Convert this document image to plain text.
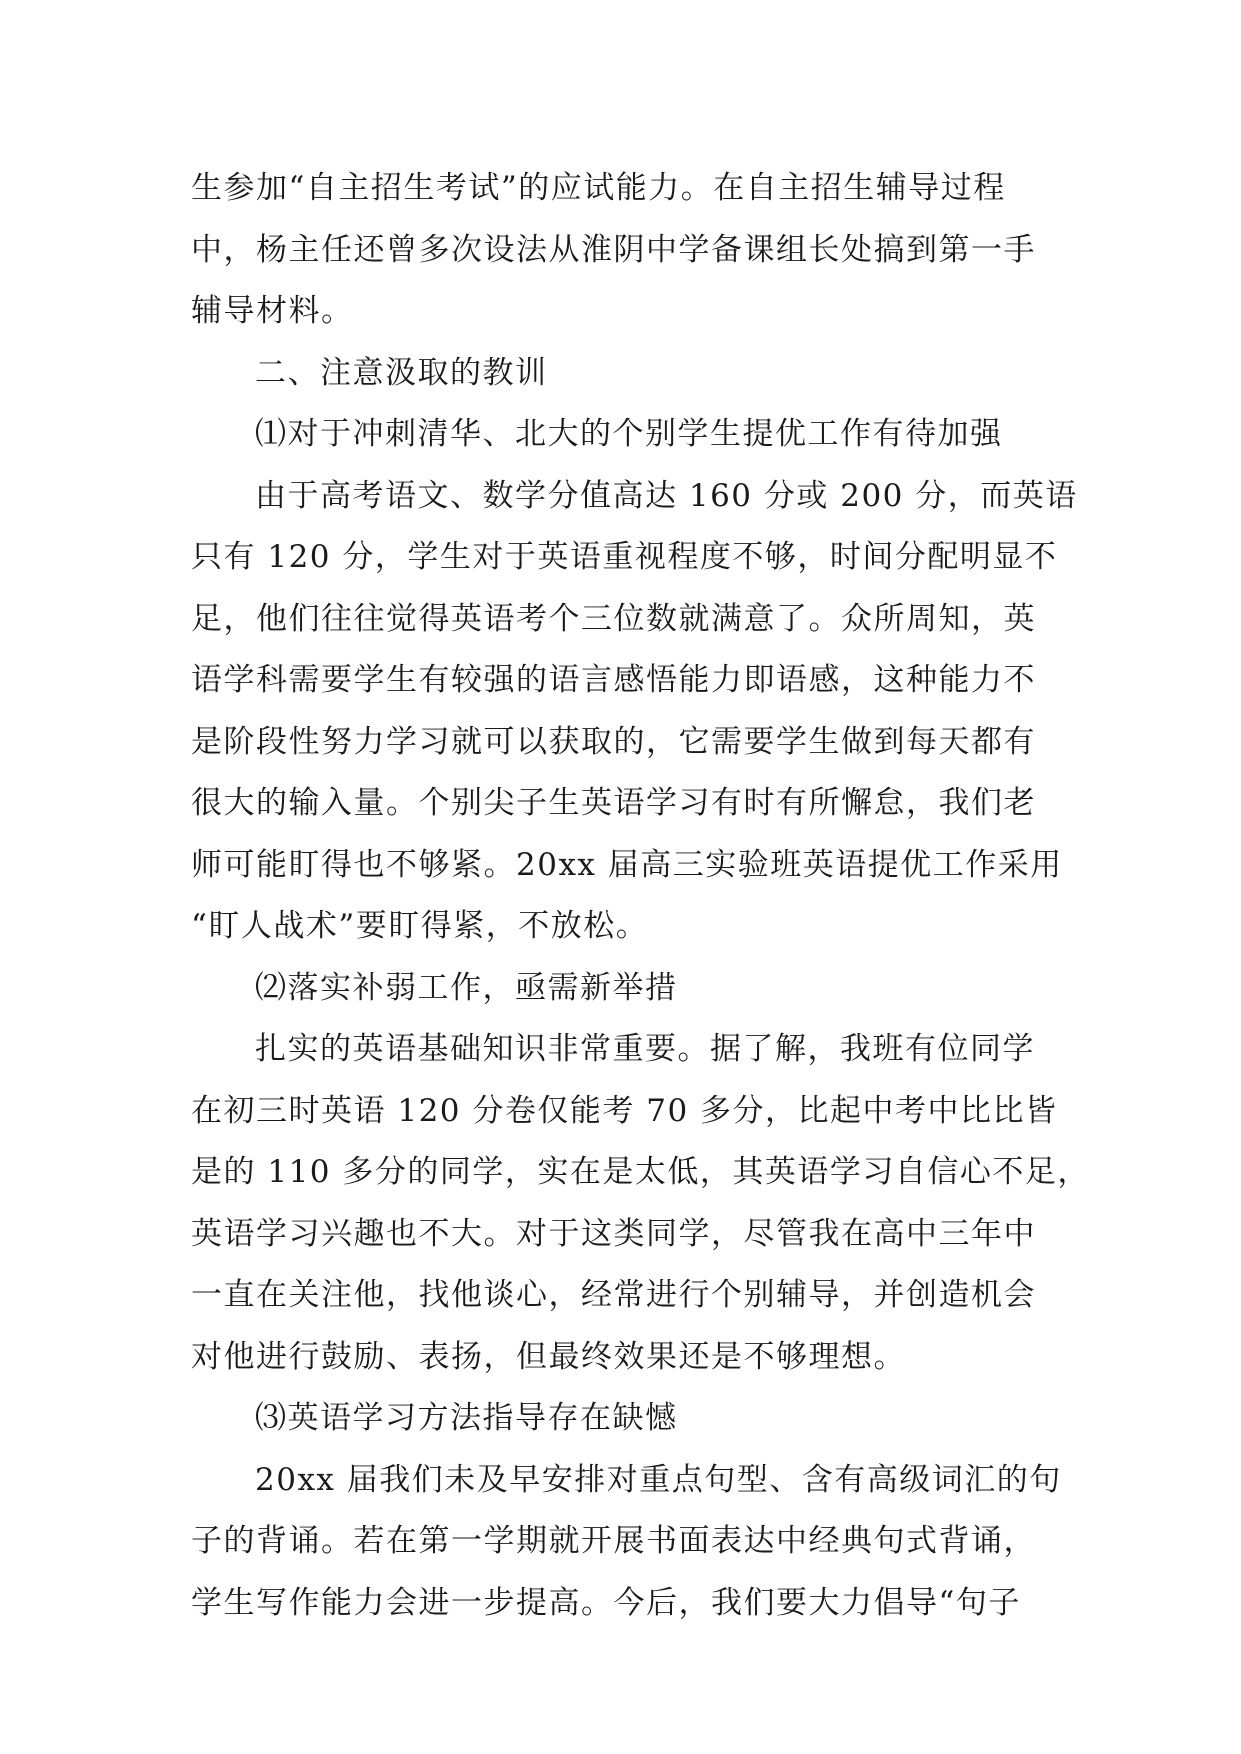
生参加“自主招生考试”的应试能力。在自主招生辅导过程
中，杨主任还曾多次设法从淮阴中学备课组长处搞到第一手
辅导材料。
二、注意汲取的教训
⑴对于冲刺清华、北大的个别学生提优工作有待加强
由于高考语文、数学分值高达 160 分或 200 分，而英语
只有 120 分，学生对于英语重视程度不够，时间分配明显不
足，他们往往觉得英语考个三位数就满意了。众所周知，英
语学科需要学生有较强的语言感悟能力即语感，这种能力不
是阶段性努力学习就可以获取的，它需要学生做到每天都有
很大的输入量。个别尖子生英语学习有时有所懈怠，我们老
师可能盯得也不够紧。20xx 届高三实验班英语提优工作采用
“盯人战术”要盯得紧，不放松。
⑵落实补弱工作，亟需新举措
扎实的英语基础知识非常重要。据了解，我班有位同学
在初三时英语 120 分卷仅能考 70 多分，比起中考中比比皆
是的 110 多分的同学，实在是太低，其英语学习自信心不足，
英语学习兴趣也不大。对于这类同学，尽管我在高中三年中
一直在关注他，找他谈心，经常进行个别辅导，并创造机会
对他进行鼓励、表扬，但最终效果还是不够理想。
⑶英语学习方法指导存在缺憾
20xx 届我们未及早安排对重点句型、含有高级词汇的句
子的背诵。若在第一学期就开展书面表达中经典句式背诵，
学生写作能力会进一步提高。今后，我们要大力倡导“句子
